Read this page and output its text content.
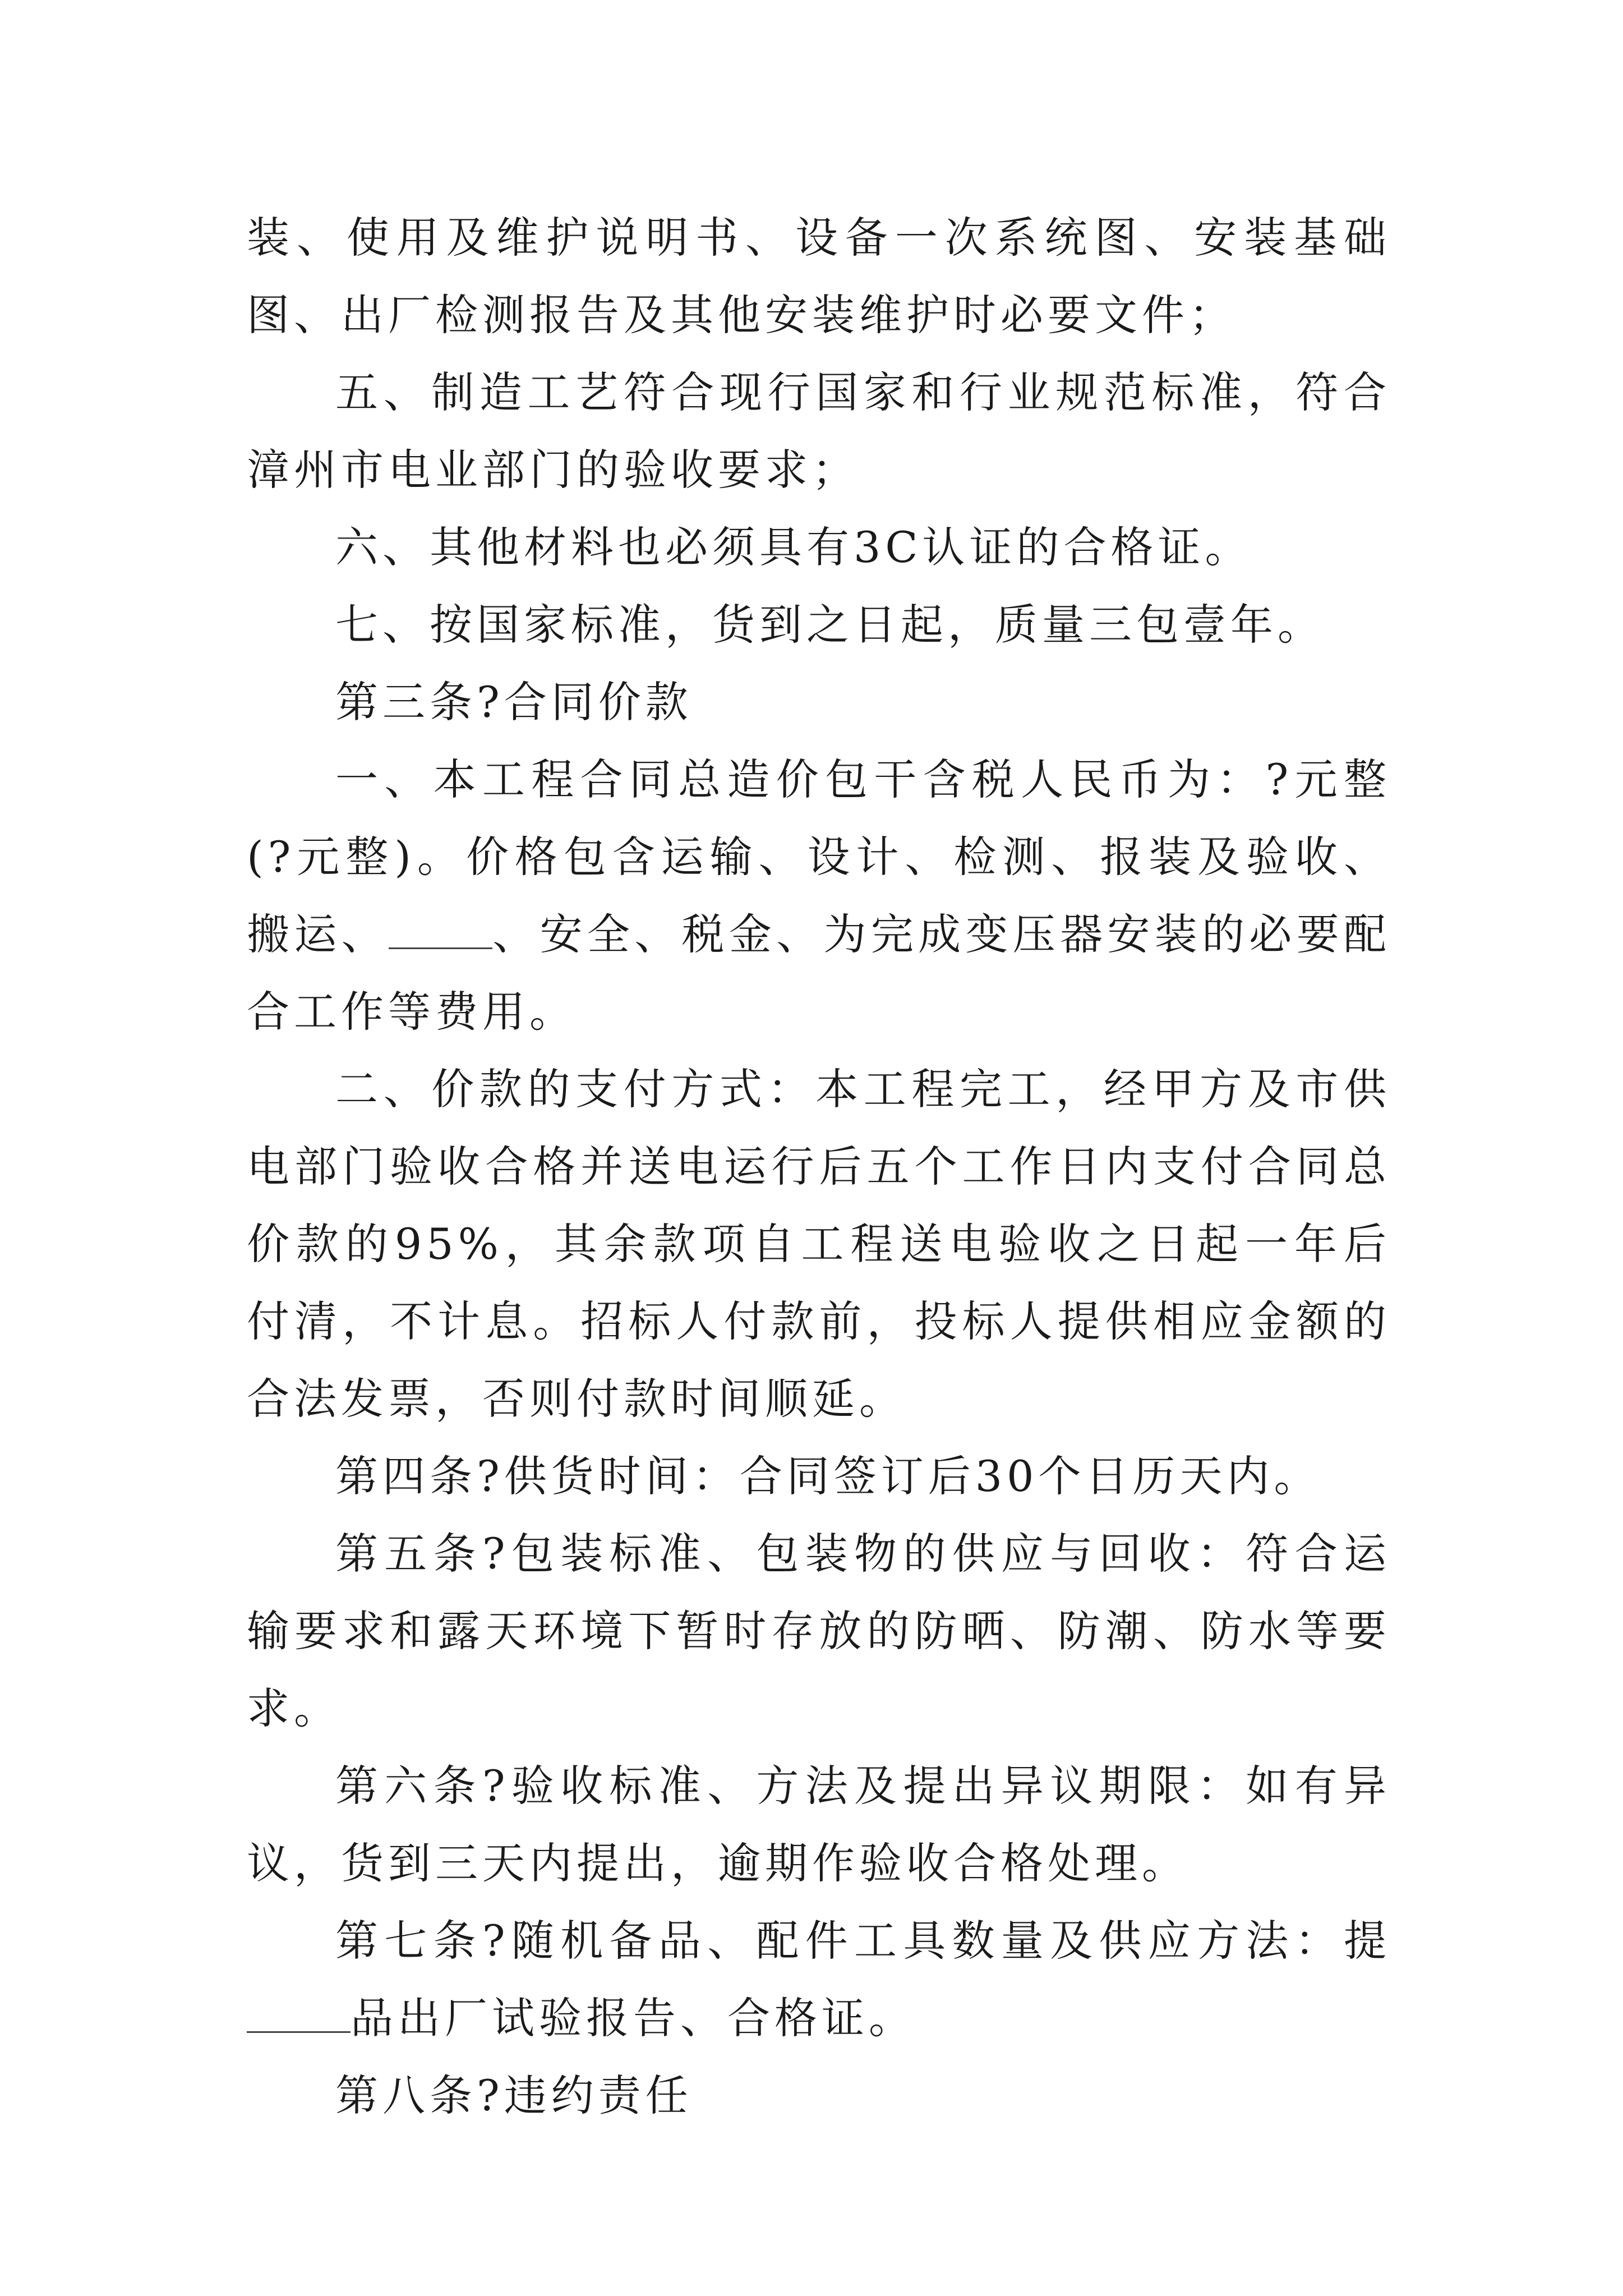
装、使用及维护说明书、设备一次系统图、安装基础图、出厂检测报告及其他安装维护时必要文件；

五、制造工艺符合现行国家和行业规范标准，符合漳州市电业部门的验收要求；

六、其他材料也必须具有3C认证的合格证。

七、按国家标准，货到之日起，质量三包壹年。

第三条?合同价款

一、本工程合同总造价包干含税人民币为：?元整(?元整)。价格包含运输、设计、检测、报装及验收、搬运、 、安全、税金、为完成变压器安装的必要配合工作等费用。

二、价款的支付方式：本工程完工，经甲方及市供电部门验收合格并送电运行后五个工作日内支付合同总价款的95%，其余款项自工程送电验收之日起一年后付清，不计息。招标人付款前，投标人提供相应金额的合法发票，否则付款时间顺延。

第四条?供货时间：合同签订后30个日历天内。

第五条?包装标准、包装物的供应与回收：符合运输要求和露天环境下暂时存放的防晒、防潮、防水等要求。

第六条?验收标准、方法及提出异议期限：如有异议，货到三天内提出，逾期作验收合格处理。

第七条?随机备品、配件工具数量及供应方法：提品出厂试验报告、合格证。

第八条?违约责任
